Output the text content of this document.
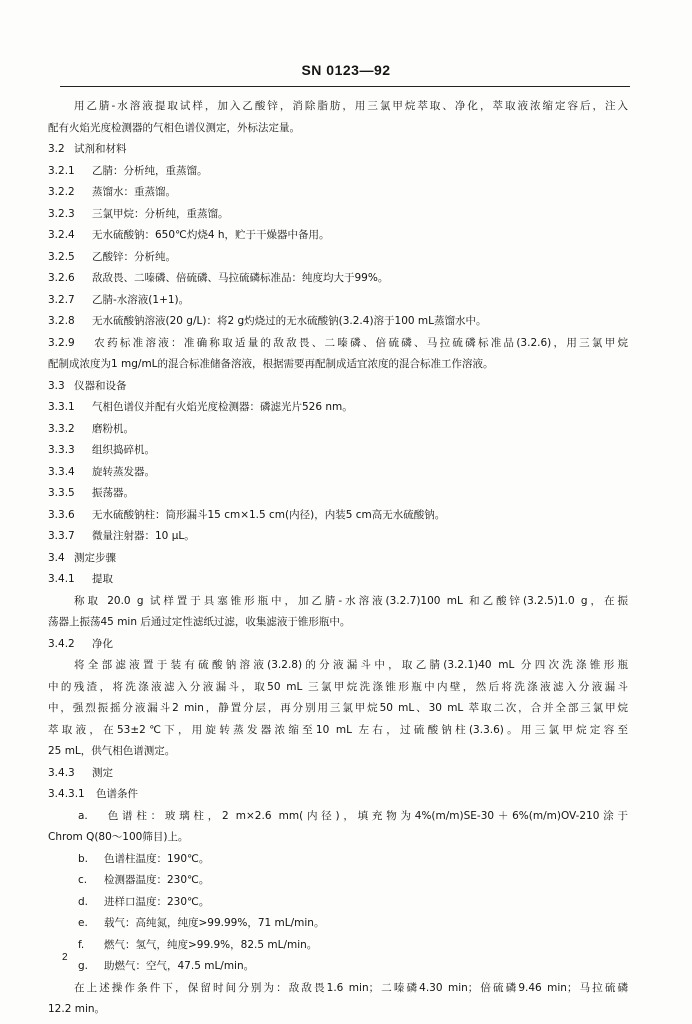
SN 0123—92
用乙腈-水溶液提取试样，加入乙酸锌，消除脂肪，用三氯甲烷萃取、净化，萃取液浓缩定容后，注入
配有火焰光度检测器的气相色谱仪测定，外标法定量。
3.2 试剂和材料
3.2.1 乙腈：分析纯，重蒸馏。
3.2.2 蒸馏水：重蒸馏。
3.2.3 三氯甲烷：分析纯，重蒸馏。
3.2.4 无水硫酸钠：650℃灼烧4 h，贮于干燥器中备用。
3.2.5 乙酸锌：分析纯。
3.2.6 敌敌畏、二嗪磷、倍硫磷、马拉硫磷标准品：纯度均大于99%。
3.2.7 乙腈-水溶液(1+1)。
3.2.8 无水硫酸钠溶液(20 g/L)：将2 g灼烧过的无水硫酸钠(3.2.4)溶于100 mL蒸馏水中。
3.2.9 农药标准溶液：准确称取适量的敌敌畏、二嗪磷、倍硫磷、马拉硫磷标准品(3.2.6)，用三氯甲烷
配制成浓度为1 mg/mL的混合标准储备溶液，根据需要再配制成适宜浓度的混合标准工作溶液。
3.3 仪器和设备
3.3.1 气相色谱仪并配有火焰光度检测器：磷滤光片526 nm。
3.3.2 磨粉机。
3.3.3 组织捣碎机。
3.3.4 旋转蒸发器。
3.3.5 振荡器。
3.3.6 无水硫酸钠柱：筒形漏斗15 cm×1.5 cm(内径)，内装5 cm高无水硫酸钠。
3.3.7 微量注射器：10 μL。
3.4 测定步骤
3.4.1 提取
称取 20.0 g 试样置于具塞锥形瓶中，加乙腈-水溶液(3.2.7)100 mL 和乙酸锌(3.2.5)1.0 g，在振
荡器上振荡45 min 后通过定性滤纸过滤，收集滤液于锥形瓶中。
3.4.2 净化
将全部滤液置于装有硫酸钠溶液(3.2.8)的分液漏斗中，取乙腈(3.2.1)40 mL 分四次洗涤锥形瓶
中的残渣，将洗涤液滤入分液漏斗，取50 mL 三氯甲烷洗涤锥形瓶中内壁，然后将洗涤液滤入分液漏斗
中，强烈振摇分液漏斗2 min，静置分层，再分别用三氯甲烷50 mL、30 mL 萃取二次，合并全部三氯甲烷
萃取液，在53±2℃下，用旋转蒸发器浓缩至10 mL 左右，过硫酸钠柱(3.3.6)。用三氯甲烷定容至
25 mL，供气相色谱测定。
3.4.3 测定
3.4.3.1 色谱条件
a. 色谱柱：玻璃柱，2 m×2.6 mm(内径)，填充物为4%(m/m)SE-30＋6%(m/m)OV-210涂于
Chrom Q(80～100筛目)上。
b. 色谱柱温度：190℃。
c. 检测器温度：230℃。
d. 进样口温度：230℃。
e. 载气：高纯氮，纯度>99.99%，71 mL/min。
f. 燃气：氢气，纯度>99.9%，82.5 mL/min。
g. 助燃气：空气，47.5 mL/min。
在上述操作条件下，保留时间分别为：敌敌畏1.6 min；二嗪磷4.30 min；倍硫磷9.46 min；马拉硫磷
12.2 min。
2
